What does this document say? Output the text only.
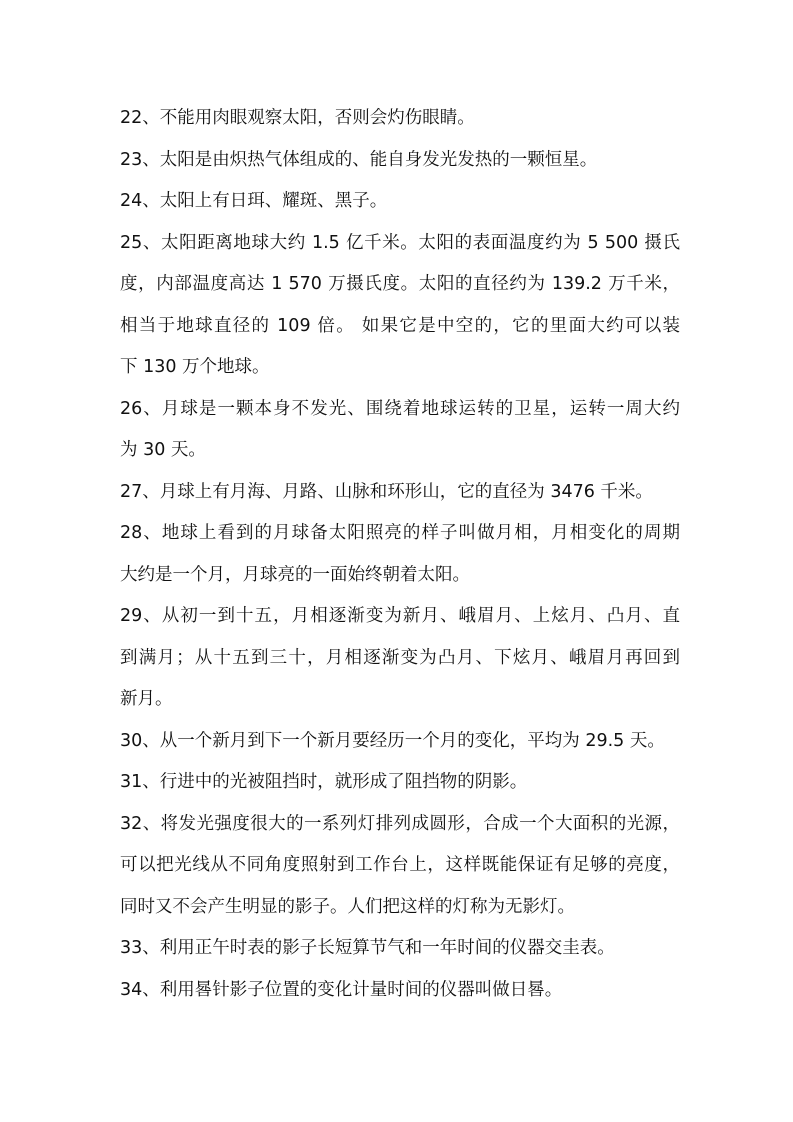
22、不能用肉眼观察太阳，否则会灼伤眼睛。
23、太阳是由炽热气体组成的、能自身发光发热的一颗恒星。
24、太阳上有日珥、耀斑、黑子。
25、太阳距离地球大约 1.5 亿千米。太阳的表面温度约为 5 500 摄氏
度，内部温度高达 1 570 万摄氏度。太阳的直径约为 139.2 万千米，
相当于地球直径的 109 倍。 如果它是中空的，它的里面大约可以装
下 130 万个地球。
26、月球是一颗本身不发光、围绕着地球运转的卫星，运转一周大约
为 30 天。
27、月球上有月海、月路、山脉和环形山，它的直径为 3476 千米。
28、地球上看到的月球备太阳照亮的样子叫做月相，月相变化的周期
大约是一个月，月球亮的一面始终朝着太阳。
29、从初一到十五，月相逐渐变为新月、峨眉月、上炫月、凸月、直
到满月；从十五到三十，月相逐渐变为凸月、下炫月、峨眉月再回到
新月。
30、从一个新月到下一个新月要经历一个月的变化，平均为 29.5 天。
31、行进中的光被阻挡时，就形成了阻挡物的阴影。
32、将发光强度很大的一系列灯排列成圆形，合成一个大面积的光源，
可以把光线从不同角度照射到工作台上，这样既能保证有足够的亮度，
同时又不会产生明显的影子。人们把这样的灯称为无影灯。
33、利用正午时表的影子长短算节气和一年时间的仪器交圭表。
34、利用晷针影子位置的变化计量时间的仪器叫做日晷。
